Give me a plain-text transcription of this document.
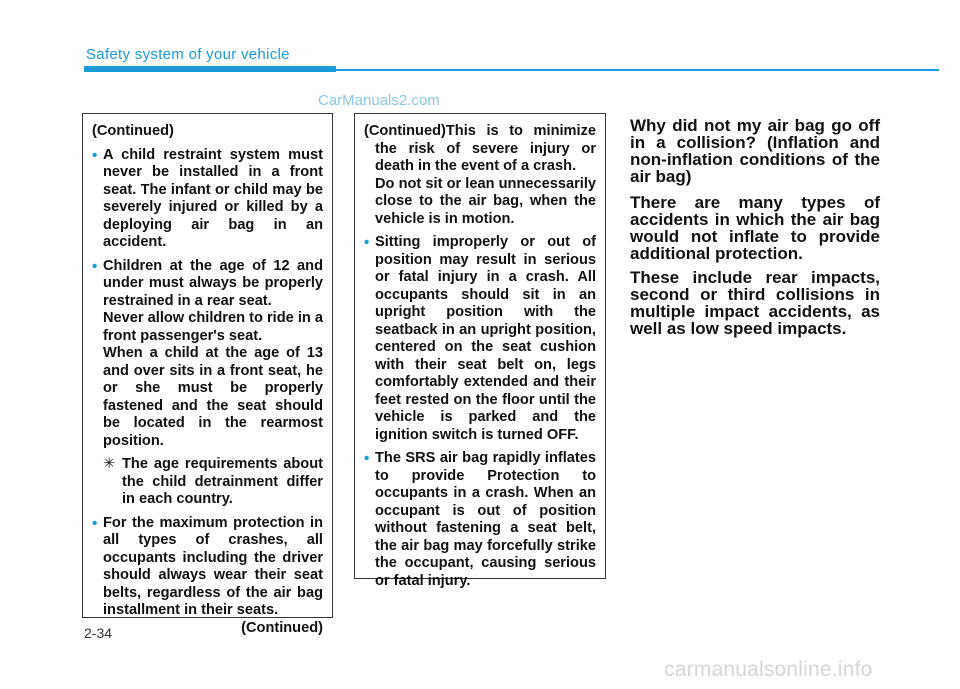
Safety system of your vehicle
CarManuals2.com

(Continued)

• A child restraint system must never be installed in a front seat. The infant or child may be severely injured or killed by a deploying air bag in an accident.
• Children at the age of 12 and under must always be properly restrained in a rear seat.

Never allow children to ride in a front passenger's seat.

When a child at the age of 13 and over sits in a front seat, he or she must be properly fastened and the seat should be located in the rearmost position.

✳ The age requirements about the child detrainment differ in each country.
• For the maximum protection in all types of crashes, all occupants including the driver should always wear their seat belts, regardless of the air bag installment in their seats.

(Continued)

(Continued)This is to minimize the risk of severe injury or death in the event of a crash.

Do not sit or lean unnecessarily close to the air bag, when the vehicle is in motion.

• Sitting improperly or out of position may result in serious or fatal injury in a crash. All occupants should sit in an upright position with the seatback in an upright position, centered on the seat cushion with their seat belt on, legs comfortably extended and their feet rested on the floor until the vehicle is parked and the ignition switch is turned OFF.
• The SRS air bag rapidly inflates to provide Protection to occupants in a crash. When an occupant is out of position without fastening a seat belt, the air bag may forcefully strike the occupant, causing serious or fatal injury.

Why did not my air bag go off in a collision? (Inflation and non-inflation conditions of the air bag)

There are many types of accidents in which the air bag would not inflate to provide additional protection.

These include rear impacts, second or third collisions in multiple impact accidents, as well as low speed impacts.

2-34
carmanualsonline.info
